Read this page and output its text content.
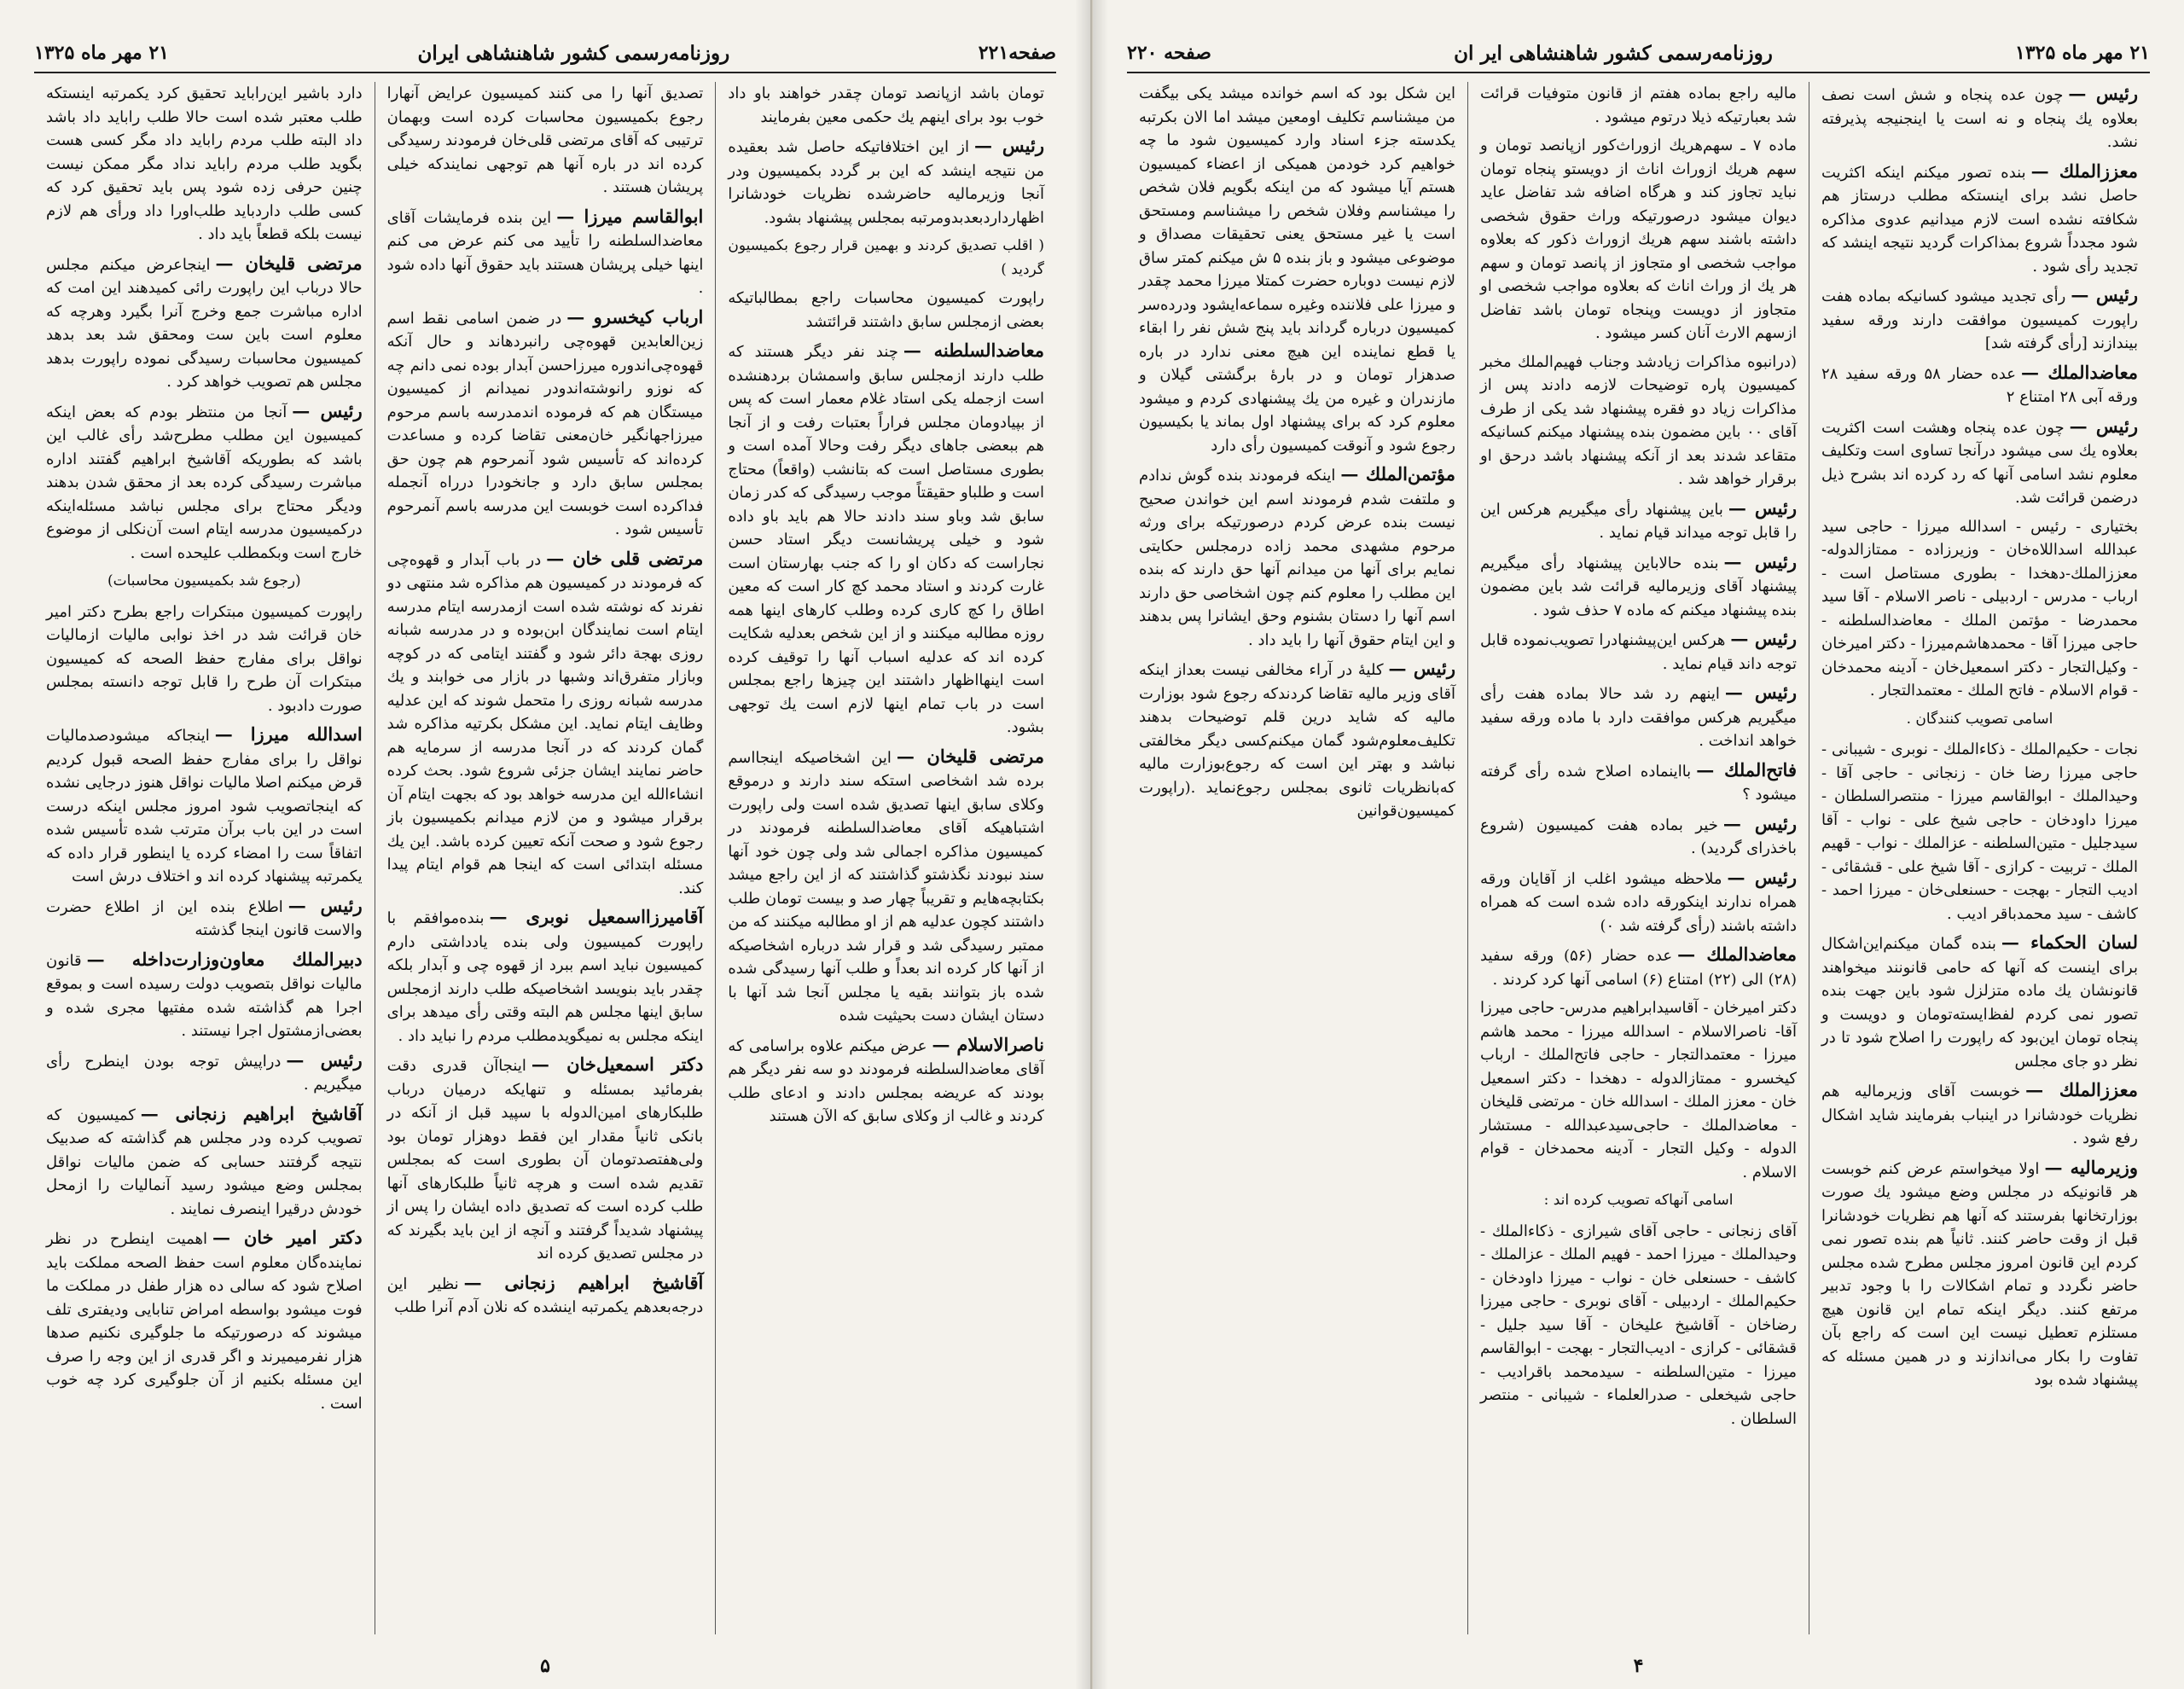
صفحه۲۲۱
روزنامه‌رسمی کشور شاهنشاهی ایران
۲۱ مهر ماه ۱۳۲۵
تومان باشد ازپانصد تومان چقدر خواهند باو داد خوب بود برای اینهم یك حکمی معین بفرمایند
رئیس —از این اختلافاتیکه حاصل شد بعقیده من نتیجه اینشد که این بر گردد بکمیسیون ودر آنجا وزیرمالیه حاضرشده نظریات خودشانرا اظهارداردبعدبدومرتبه بمجلس پیشنهاد بشود.
( اقلب تصدیق کردند و بهمین قرار رجوع بکمیسیون گردید )
راپورت کمیسیون محاسبات راجع بمطالباتیکه بعضی ازمجلس سابق داشتند قرائتشد
معاضدالسلطنه —چند نفر دیگر هستند که طلب دارند ازمجلس سابق واسمشان بردهنشده است ازجمله یکی استاد غلام معمار است که پس از بپیادومان مجلس فراراً بعتبات رفت و از آنجا هم ببعضی جاهای دیگر رفت وحالا آمده است و بطوری مستاصل است که بتانشب (واقعاً) محتاج است و طلباو حقیقتاً موجب رسیدگی که کدر زمان سابق شد وباو سند دادند حالا هم باید باو داده شود و خیلی پریشانست دیگر استاد حسن نجاراست که دکان او را که جنب بهارستان است غارت کردند و استاد محمد کچ کار است که معین اطاق را کچ کاری کرده وطلب کارهای اینها همه روزه مطالبه میکنند و از این شخص بعدلیه شکایت کرده اند که عدلیه اسباب آنها را توقیف کرده است اینهااظهار داشتند این چیزها راجع بمجلس است در باب تمام اینها لازم است یك توجهی بشود.
مرتضی قلیخان —این اشخاصیکه اینجااسم برده شد اشخاصی استکه سند دارند و درموقع وکلای سابق اینها تصدیق شده است ولی راپورت اشتباهیکه آقای معاضدالسلطنه فرمودند در کمیسیون مذاکره اجمالی شد ولی چون خود آنها سند نبودند نگذشتو گذاشتند که از این راجع میشد بکتابچه‌هایم و تقریباً چهار صد و بیست تومان طلب داشتند کچون عدلیه هم از او مطالبه میکنند که من ممتبر رسیدگی شد و قرار شد درباره اشخاصیکه از آنها کار کرده اند بعداً و طلب آنها رسیدگی شده شده باز بتوانند بقیه یا مجلس آنجا شد آنها با دستان ایشان دست بحیثیت شده
ناصرالاسلام —عرض میکنم علاوه براسامی که آقای معاضدالسلطنه فرمودند دو سه نفر دیگر هم بودند که عریضه بمجلس دادند و ادعای طلب کردند و غالب از وکلای سابق که الآن هستند
تصدیق آنها را می کنند کمیسیون عرایض آنهارا رجوع بکمیسیون محاسبات کرده است وبهمان ترتیبی که آقای مرتضی قلی‌خان فرمودند رسیدگی کرده اند در باره آنها هم توجهی نمایندکه خیلی پریشان هستند .
ابوالقاسم میرزا —این بنده فرمایشات آقای معاضدالسلطنه را تأیید می کنم عرض می کنم اینها خیلی پریشان هستند باید حقوق آنها داده شود .
ارباب کیخسرو —در ضمن اسامی نقط اسم زین‌العابدین قهوه‌چی رانبردهاند و حال آنکه قهوه‌چی‌اندوره میرزاحسن آبدار بوده نمی دانم چه که نوزو رانوشته‌اندودر نمیدانم از کمیسیون میستگان هم که فرموده اندمدرسه باسم مرحوم میرزاجهانگیر خان‌معنی تقاضا کرده و مساعدت کرده‌اند که تأسیس شود آنمرحوم هم چون حق بمجلس سابق دارد و جانخودرا درراه آنجمله فداکرده است خوبست این مدرسه باسم آنمرحوم تأسیس شود .
مرتضی قلی خان —در باب آبدار و قهوه‌چی که فرمودند در کمیسیون هم مذاکره شد منتهی دو نفرند که نوشته شده است ازمدرسه ایتام مدرسه ایتام است نمایندگان ابن‌بوده و در مدرسه شبانه روزی بهجة دائر شود و گفتند ایتامی که در کوچه وبازار متفرق‌اند وشبها در بازار می خوابند و یك مدرسه شبانه روزی را متحمل شوند که این عدلیه وظایف ایتام نماید. این مشکل بکرتیه مذاکره شد گمان کردند که در آنجا مدرسه از سرمایه هم حاضر نمایند ایشان جزئی شروع شود. بحث کرده انشاءالله این مدرسه خواهد بود که بجهت ایتام آن برقرار میشود و من لازم میدانم بکمیسیون باز رجوع شود و صحت آنکه تعیین کرده باشد. این یك مسئله ابتدائی است که اینجا هم قوام ایتام پیدا کند.
آقامیرزااسمعیل نوبری —بنده‌موافقم با راپورت کمیسیون ولی بنده یادداشتی دارم کمیسیون نباید اسم ببرد از قهوه چی و آبدار بلکه چقدر باید بنویسد اشخاصیکه طلب دارند ازمجلس سابق اینها مجلس هم البته وقتی رأی میدهد برای اینکه مجلس به نمیگویدمطلب مردم را نباید داد .
دکتر اسمعیل‌خان —اینجاآن قدری دقت بفرمائید بمسئله و تنهایکه درمیان درباب طلبکارهای امین‌الدوله با سپید قبل از آنکه در بانکی ثانیاً مقدار این فقط دوهزار تومان بود ولی‌هفتصدتومان آن بطوری است که بمجلس تقدیم شده است و هرچه ثانیاً طلبکارهای آنها طلب کرده است که تصدیق داده ایشان را پس از پیشنهاد شدیداً گرفتند و آنچه از این باید بگیرند که در مجلس تصدیق کرده اند
آقاشیخ ابراهیم زنجانی —نظیر این درجه‌بعدهم یکمرتبه اینشده که نلان آدم آنرا طلب
دارد باشیر این‌راباید تحقیق کرد یکمرتبه اینستکه طلب معتبر شده است حالا طلب راباید داد باشد داد البته طلب مردم راباید داد مگر کسی هست بگوید طلب مردم راباید نداد مگر ممکن نیست چنین حرفی زده شود پس باید تحقیق کرد که کسی طلب داردباید طلب‌اورا داد ورأی هم لازم نیست بلکه قطعاً باید داد .
مرتضی قلیخان —اینجاعرض میکنم مجلس حالا درباب این راپورت رائی کمیدهند این امت که اداره مباشرت جمع وخرج آنرا بگیرد وهرچه که معلوم است باین ست ومحقق شد بعد بدهد کمیسیون محاسبات رسیدگی نموده راپورت بدهد مجلس هم تصویب خواهد کرد .
رئیس —آنجا من منتظر بودم که بعض اینکه کمیسیون این مطلب مطرح‌شد رأی غالب این باشد که بطوریکه آقاشیخ ابراهیم گفتند اداره مباشرت رسیدگی کرده بعد از محقق شدن بدهند ودیگر محتاج برای مجلس نباشد مسئله‌اینکه درکمیسیون مدرسه ایتام است آن‌نکلی از موضوع خارج است وبکمطلب علیحده است .
(رجوع شد بکمیسیون محاسبات)
راپورت کمیسیون مبتکرات راجع بطرح دکتر امیر خان قرائت شد در اخذ نوابی مالیات ازمالیات نواقل برای مفارج حفظ الصحه که کمیسیون مبتکرات آن طرح را قابل توجه دانسته بمجلس صورت دادبود .
اسدالله میرزا —اینجاکه میشودصدمالیات نواقل را برای مفارج حفظ الصحه قبول کردیم قرض میکنم اصلا مالیات نواقل هنوز درجایی نشده که اینجاتصویب شود امروز مجلس اینکه درست است در این باب برآن مترتب شده تأسیس شده اتفاقاً ست را امضاء کرده یا اینطور قرار داده که یکمرتبه پیشنهاد کرده اند و اختلاف درش است
رئیس —اطلاع بنده این از اطلاع حضرت والاست قانون اینجا گذشته
دبیرالملك معاون‌وزارت‌داخله —قانون مالیات نواقل بتصویب دولت رسیده است و بموقع اجرا هم گذاشته شده مفتیها مجری شده و بعضی‌ازمشتول اجرا نیستند .
رئیس —دراپیش توجه بودن اینطرح رأی میگیریم .
آقاشیخ ابراهیم زنجانی —کمیسیون که تصویب کرده ودر مجلس هم گذاشته که صدبیک نتیجه گرفتند حسابی که ضمن مالیات نواقل بمجلس وضع میشود رسید آنمالیات را ازمحل خودش درقیرا اینصرف نمایند .
دکتر امیر خان —اهمیت اینطرح در نظر نماینده‌گان معلوم است حفظ الصحه مملکت باید اصلاح شود که سالی ده هزار طفل در مملکت ما فوت میشود بواسطه امراض تنابایی ودیفتری تلف میشوند که درصورتیکه ما جلوگیری نکنیم صدها هزار نفرمیمیرند و اگر قدری از این وجه را صرف این مسئله بکنیم از آن جلوگیری کرد چه خوب است .
۵
۲۱ مهر ماه ۱۳۲۵
روزنامه‌رسمی کشور شاهنشاهی ایر ان
صفحه ۲۲۰
رئیس —چون عده پنجاه و شش است نصف بعلاوه یك پنجاه و نه است یا اینجنیجه پذیرفته نشد.
معززالملك —بنده تصور میکنم اینکه اکثریت حاصل نشد برای اینستکه مطلب درستاز هم شکافته نشده است لازم میدانیم عدوی مذاکره شود مجدداً شروع بمذاکرات گردید نتیجه اینشد که تجدید رأی شود .
رئیس —رأی تجدید میشود کسانیکه بماده هفت راپورت کمیسیون موافقت دارند ورقه سفید بیندازند [رأی گرفته شد]
معاضدالملك —عده حضار ۵۸ ورقه سفید ۲۸ ورقه آبی ۲۸ امتناع ۲
رئیس —چون عده پنجاه وهشت است اکثریت بعلاوه یك سی میشود درآنجا تساوی است وتکلیف معلوم نشد اسامی آنها که رد کرده اند بشرح ذیل درضمن قرائت شد.
بختیاری - رئیس - اسدالله میرزا - حاجی سید عبدالله اسداللاه‌خان - وزیرزاده - ممتازالدوله- معززالملك-دهخدا - بطوری مستاصل است - ارباب - مدرس - اردبیلی - ناصر الاسلام - آقا سید محمدرضا - مؤتمن الملك - معاضدالسلطنه - حاجی میرزا آقا - محمدهاشم‌میرزا - دکتر امیرخان - وکیل‌التجار - دکتر اسمعیل‌خان - آدینه محمدخان - قوام الاسلام - فاتح الملك - معتمدالتجار .
اسامی تصویب کنندگان .
نجات - حکیم‌الملك - ذکاءالملك - نوبری - شیبانی - حاجی میرزا رضا خان - زنجانی - حاجی آقا - وحیدالملك - ابوالقاسم میرزا - منتصرالسلطان - میرزا داودخان - حاجی شیخ علی - نواب - آقا سیدجلیل - متین‌السلطنه - عزالملك - نواب - قهیم الملك - تربیت - کرازی - آقا شیخ علی - قشقائی - ادیب التجار - بهجت - حسنعلی‌خان - میرزا احمد - کاشف - سید محمدباقر ادیب .
لسان الحکماء —بنده گمان میکنم‌این‌اشکال برای اینست که آنها که حامی قانونند میخواهند قانونشان یك ماده متزلزل شود باین جهت بنده تصور نمی کردم لفظ‌ایسته‌تومان و دویست و پنجاه تومان این‌بود که راپورت را اصلاح شود تا در نظر دو جای مجلس
معززالملك —خوبست آقای وزیرمالیه هم نظریات خودشانرا در اینباب بفرمایند شاید اشکال رفع شود .
وزیرمالیه —اولا میخواستم عرض کنم خوبست هر قانونیکه در مجلس وضع میشود یك صورت بوزارتخانها بفرستند که آنها هم نظریات خودشانرا قبل از وقت حاضر کنند. ثانیاً هم بنده تصور نمی کردم این قانون امروز مجلس مطرح شده مجلس حاضر نگردد و تمام اشکالات را با وجود تدبیر مرتفع کنند. دیگر اینکه تمام این قانون هیچ مستلزم تعطیل نیست این است که راجع بآن تفاوت را بکار می‌اندازند و در همین مسئله که پیشنهاد شده بود
مالیه راجع بماده هفتم از قانون متوفیات قرائت شد بعبارتیکه ذیلا درتوم میشود .
ماده ۷ ـ سهم‌هریك ازوراث‌کور ازپانصد تومان و سهم هریك ازوراث اناث از دویستو پنجاه تومان نباید تجاوز کند و هرگاه اضافه شد تفاضل عاید دیوان میشود درصورتیکه وراث حقوق شخصی داشته باشند سهم هریك ازوراث ذکور که بعلاوه مواجب شخصی او متجاوز از پانصد تومان و سهم هر یك از وراث اناث که بعلاوه مواجب شخصی او متجاوز از دویست وپنجاه تومان باشد تفاضل ازسهم الارث آنان کسر میشود .
(درانبوه مذاکرات زیادشد وجناب فهیم‌الملك مخبر کمیسیون پاره توضیحات لازمه دادند پس از مذاکرات زیاد دو فقره پیشنهاد شد یکی از طرف آقای ۰۰ باین مضمون بنده پیشنهاد میکنم کسانیکه متقاعد شدند بعد از آنکه پیشنهاد باشد درحق او برقرار خواهد شد .
رئیس —باین پیشنهاد رأی میگیریم هرکس این را قابل توجه میداند قیام نماید .
رئیس —بنده حالاباین پیشنهاد رأی میگیریم پیشنهاد آقای وزیرمالیه قرائت شد باین مضمون بنده پیشنهاد میکنم که ماده ۷ حذف شود .
رئیس —هرکس این‌پیشنهادرا تصویب‌نموده قابل توجه داند قیام نماید .
رئیس —اینهم رد شد حالا بماده هفت رأی میگیریم هرکس موافقت دارد با ماده ورقه سفید خواهد انداخت .
فاتح‌الملك —بااینماده اصلاح شده رأی گرفته میشود ؟
رئیس —خیر بماده هفت کمیسیون (شروع باخذرای گردید) .
رئیس —ملاحظه میشود اغلب از آقایان ورقه همراه ندارند اینکورقه داده شده است که همراه داشته باشند (رأی گرفته شد ۰)
معاضدالملك —عده حضار (۵۶) ورقه سفید (۲۸) الی (۲۲) امتناع (۶) اسامی آنها کرد کردند .
دکتر امیرخان - آقاسیدابراهیم مدرس- حاجی میرزا آقا- ناصرالاسلام - اسدالله میرزا - محمد هاشم میرزا - معتمدالتجار - حاجی فاتح‌الملك - ارباب کیخسرو - ممتازالدوله - دهخدا - دکتر اسمعیل خان - معزز الملك - اسدالله خان - مرتضی قلیخان - معاضدالملك - حاجی‌سیدعبدالله - مستشار الدوله - وکیل التجار - آدینه محمدخان - قوام الاسلام .
اسامی آنهاکه تصویب کرده اند :
آقای زنجانی - حاجی آقای شیرازی - ذکاءالملك - وحیدالملك - میرزا احمد - فهیم الملك - عزالملك - کاشف - حسنعلی خان - نواب - میرزا داودخان - حکیم‌الملك - اردبیلی - آقای نوبری - حاجی میرزا رضاخان - آقاشیخ علیخان - آقا سید جلیل - قشقائی - کرازی - ادیب‌التجار - بهجت - ابوالقاسم میرزا - متین‌السلطنه - سیدمحمد باقرادیب - حاجی شیخعلی - صدرالعلماء - شیبانی - منتصر السلطان .
این شکل بود که اسم خوانده میشد یکی بیگفت من میشناسم تکلیف اومعین میشد اما الان بکرتبه یکدسته جزء اسناد وارد کمیسیون شود ما چه خواهیم کرد خودمن همیکی از اعضاء کمیسیون هستم آیا میشود که من اینکه بگویم فلان شخص را میشناسم وفلان شخص را میشناسم ومستحق است یا غیر مستحق یعنی تحقیقات مصداق و موضوعی میشود و باز بنده ۵ ش میکنم کمتر ساق لازم نیست دوباره حضرت کمتلا میرزا محمد چقدر و میرزا علی فلاننده وغیره سماعه‌ایشود ودرده‌سر کمیسیون درباره گرداند باید پنج شش نفر را ابقاء یا قطع نماینده این هیچ معنی ندارد در باره صدهزار تومان و در بارهٔ برگشتی گیلان و مازندران و غیره من یك پیشنهادی کردم و میشود معلوم کرد که برای پیشنهاد اول بماند یا بکیسیون رجوع شود و آنوقت کمیسیون رأی دارد
مؤتمن‌الملك —اینکه فرمودند بنده گوش ندادم و ملتفت شدم فرمودند اسم این خواندن صحیح نیست بنده عرض کردم درصورتیکه برای ورثه مرحوم مشهدی محمد زاده درمجلس حکایتی نمایم برای آنها من میدانم آنها حق دارند که بنده این مطلب را معلوم کنم چون اشخاصی حق دارند اسم آنها را دستان بشنوم وحق ایشانرا پس بدهند و این ایتام حقوق آنها را باید داد .
رئیس —کلیهٔ در آراء مخالفی نیست بعداز اینکه آقای وزیر مالیه تقاضا کردندکه رجوع شود بوزارت مالیه که شاید درین قلم توضیحات بدهند تکلیف‌معلوم‌شود گمان میکنم‌کسی دیگر مخالفتی نباشد و بهتر این است که رجوع‌بوزارت مالیه که‌بانظریات ثانوی بمجلس رجوع‌نماید .(راپورت کمیسیون‌قوانین
۴
